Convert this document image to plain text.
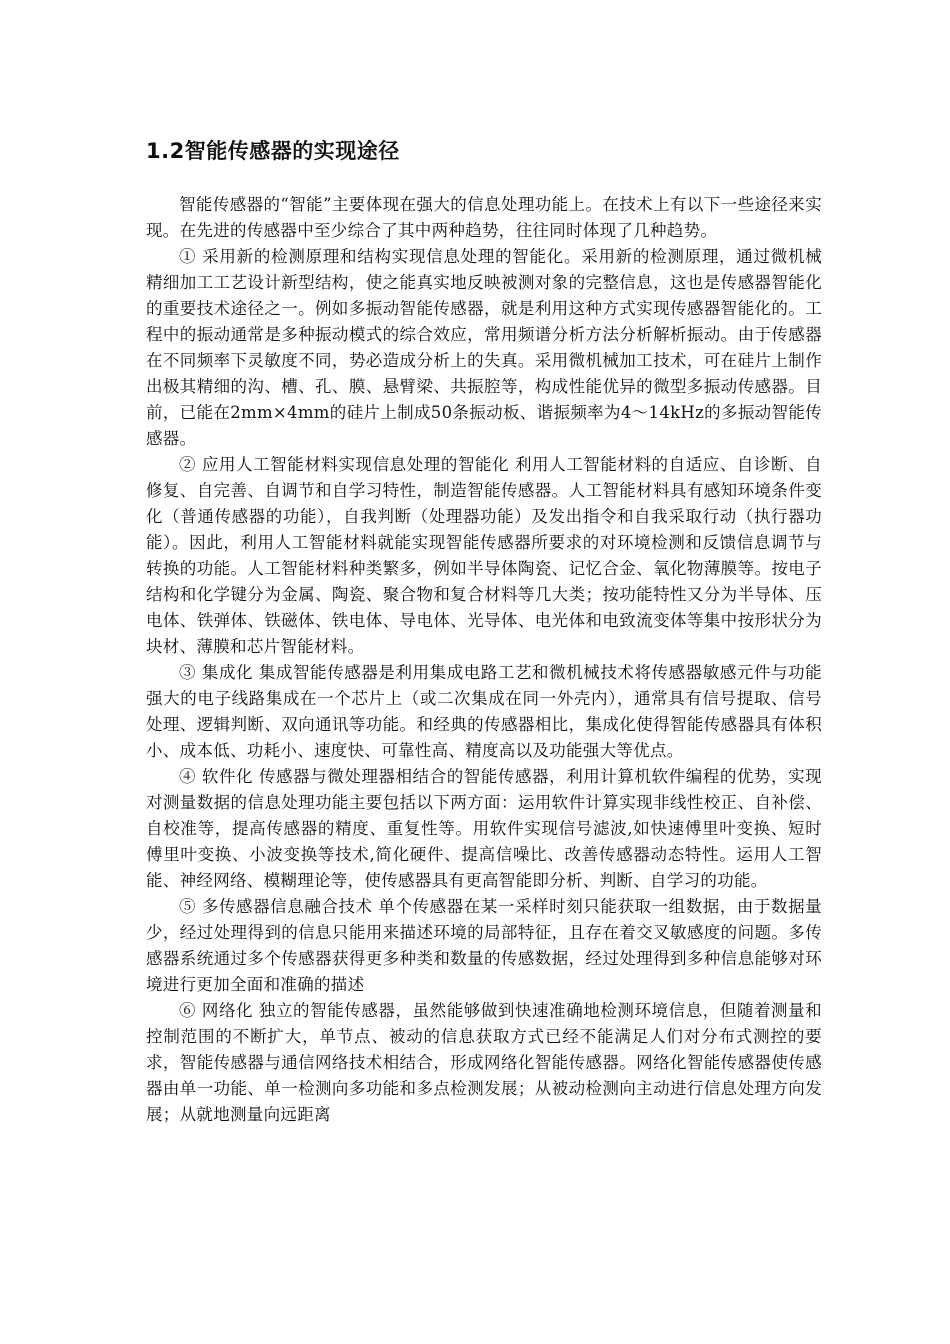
1.2智能传感器的实现途径

智能传感器的“智能”主要体现在强大的信息处理功能上。在技术上有以下一些途径来实现。在先进的传感器中至少综合了其中两种趋势，往往同时体现了几种趋势。

① 采用新的检测原理和结构实现信息处理的智能化。采用新的检测原理，通过微机械精细加工工艺设计新型结构，使之能真实地反映被测对象的完整信息，这也是传感器智能化的重要技术途径之一。例如多振动智能传感器，就是利用这种方式实现传感器智能化的。工程中的振动通常是多种振动模式的综合效应，常用频谱分析方法分析解析振动。由于传感器在不同频率下灵敏度不同，势必造成分析上的失真。采用微机械加工技术，可在硅片上制作出极其精细的沟、槽、孔、膜、悬臂梁、共振腔等，构成性能优异的微型多振动传感器。目前，已能在2mm×4mm的硅片上制成50条振动板、谐振频率为4～14kHz的多振动智能传感器。

② 应用人工智能材料实现信息处理的智能化 利用人工智能材料的自适应、自诊断、自修复、自完善、自调节和自学习特性，制造智能传感器。人工智能材料具有感知环境条件变化（普通传感器的功能），自我判断（处理器功能）及发出指令和自我采取行动（执行器功能）。因此，利用人工智能材料就能实现智能传感器所要求的对环境检测和反馈信息调节与转换的功能。人工智能材料种类繁多，例如半导体陶瓷、记忆合金、氧化物薄膜等。按电子结构和化学键分为金属、陶瓷、聚合物和复合材料等几大类；按功能特性又分为半导体、压电体、铁弹体、铁磁体、铁电体、导电体、光导体、电光体和电致流变体等集中按形状分为块材、薄膜和芯片智能材料。

③ 集成化 集成智能传感器是利用集成电路工艺和微机械技术将传感器敏感元件与功能强大的电子线路集成在一个芯片上（或二次集成在同一外壳内），通常具有信号提取、信号处理、逻辑判断、双向通讯等功能。和经典的传感器相比，集成化使得智能传感器具有体积小、成本低、功耗小、速度快、可靠性高、精度高以及功能强大等优点。

④ 软件化 传感器与微处理器相结合的智能传感器，利用计算机软件编程的优势，实现对测量数据的信息处理功能主要包括以下两方面：运用软件计算实现非线性校正、自补偿、自校准等，提高传感器的精度、重复性等。用软件实现信号滤波,如快速傅里叶变换、短时傅里叶变换、小波变换等技术,简化硬件、提高信噪比、改善传感器动态特性。运用人工智能、神经网络、模糊理论等，使传感器具有更高智能即分析、判断、自学习的功能。

⑤ 多传感器信息融合技术 单个传感器在某一采样时刻只能获取一组数据，由于数据量少，经过处理得到的信息只能用来描述环境的局部特征，且存在着交叉敏感度的问题。多传感器系统通过多个传感器获得更多种类和数量的传感数据，经过处理得到多种信息能够对环境进行更加全面和准确的描述

⑥ 网络化 独立的智能传感器，虽然能够做到快速准确地检测环境信息，但随着测量和控制范围的不断扩大，单节点、被动的信息获取方式已经不能满足人们对分布式测控的要求，智能传感器与通信网络技术相结合，形成网络化智能传感器。网络化智能传感器使传感器由单一功能、单一检测向多功能和多点检测发展；从被动检测向主动进行信息处理方向发展；从就地测量向远距离
